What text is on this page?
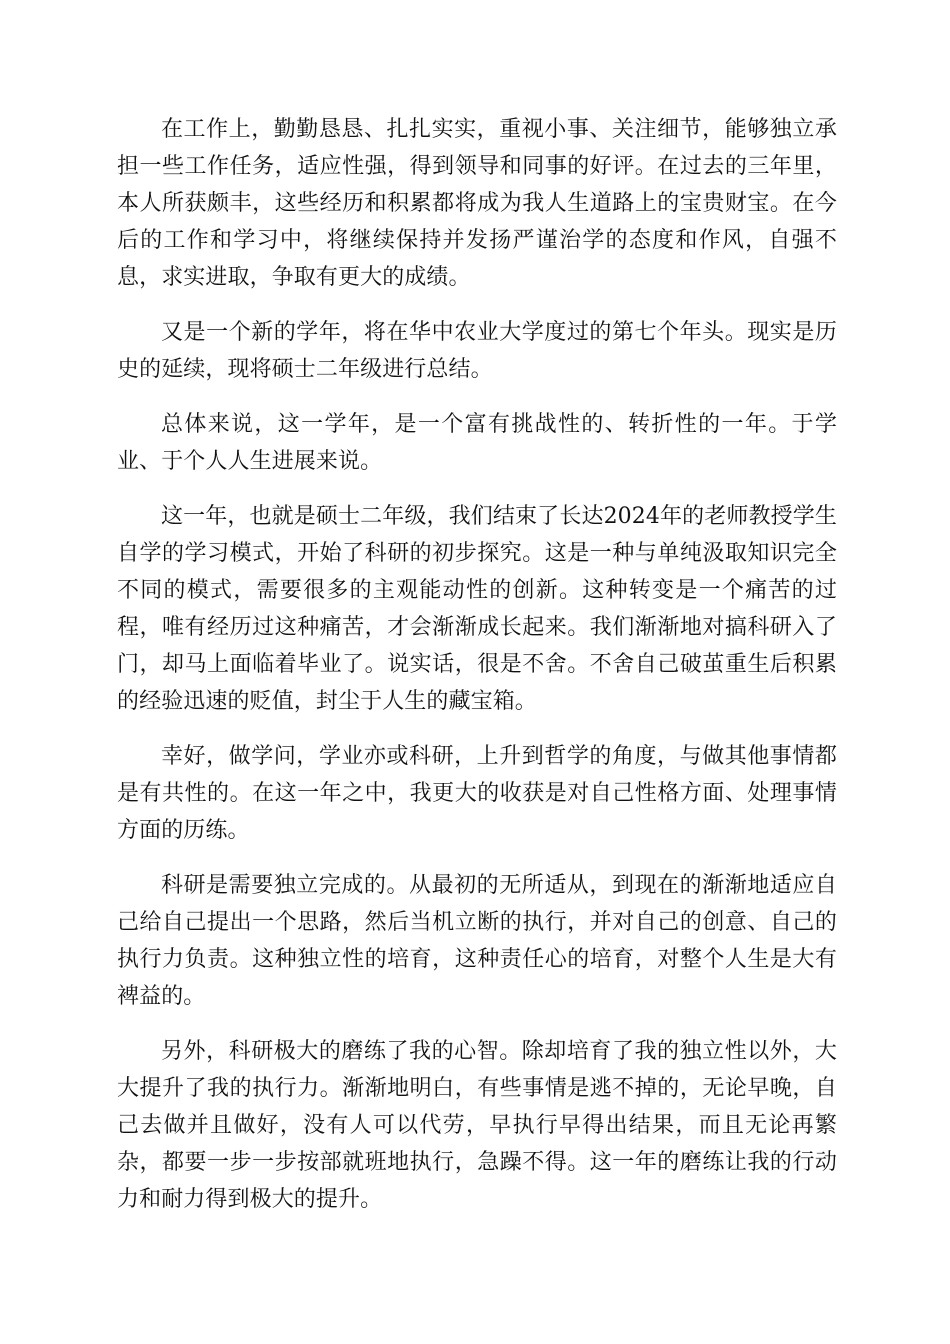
在工作上，勤勤恳恳、扎扎实实，重视小事、关注细节，能够独立承担一些工作任务，适应性强，得到领导和同事的好评。在过去的三年里，本人所获颇丰，这些经历和积累都将成为我人生道路上的宝贵财宝。在今后的工作和学习中，将继续保持并发扬严谨治学的态度和作风，自强不息，求实进取，争取有更大的成绩。

又是一个新的学年，将在华中农业大学度过的第七个年头。现实是历史的延续，现将硕士二年级进行总结。

总体来说，这一学年，是一个富有挑战性的、转折性的一年。于学业、于个人人生进展来说。

这一年，也就是硕士二年级，我们结束了长达2024年的老师教授学生自学的学习模式，开始了科研的初步探究。这是一种与单纯汲取知识完全不同的模式，需要很多的主观能动性的创新。这种转变是一个痛苦的过程，唯有经历过这种痛苦，才会渐渐成长起来。我们渐渐地对搞科研入了门，却马上面临着毕业了。说实话，很是不舍。不舍自己破茧重生后积累的经验迅速的贬值，封尘于人生的藏宝箱。

幸好，做学问，学业亦或科研，上升到哲学的角度，与做其他事情都是有共性的。在这一年之中，我更大的收获是对自己性格方面、处理事情方面的历练。

科研是需要独立完成的。从最初的无所适从，到现在的渐渐地适应自己给自己提出一个思路，然后当机立断的执行，并对自己的创意、自己的执行力负责。这种独立性的培育，这种责任心的培育，对整个人生是大有裨益的。

另外，科研极大的磨练了我的心智。除却培育了我的独立性以外，大大提升了我的执行力。渐渐地明白，有些事情是逃不掉的，无论早晚，自己去做并且做好，没有人可以代劳，早执行早得出结果，而且无论再繁杂，都要一步一步按部就班地执行，急躁不得。这一年的磨练让我的行动力和耐力得到极大的提升。
